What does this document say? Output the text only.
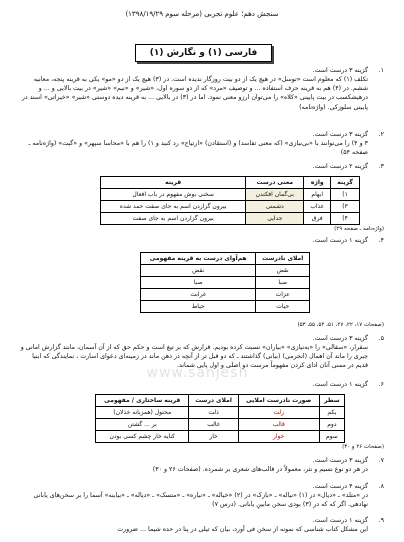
سنجش دهم؛ علوم تجربی (مرحله سوم ۱۳۹۸/۱۹/۲۹)
فارسی (۱) و نگارش (۱)
۱.
گزینه ۳ درست است.
تکلف (۱) که معلوم است «توسل» در هیچ یک از دو بیت روزگار ندیده است. در (۳) هیچ یک از دو «مو» یکی به قرینه پنجه، معانیه ششم. در (۴) هم به قرینه حرف استفاده ... و توصیف «مرد» که از دو سوره اول، «شیر» و «نیم» «شیر» در بیت بالایی و ... و درهیشکسب در بیت پایینی «کلاه» را می‌توان ارزو معنی نمود. اما در (۳) در بالایی ... به قرینه دیده دوستی «شیر» «خیراتی» اسند در پایینی سلوزکی. (واژه‌نامه)
۲.
گزینه ۳ درست است.
۳ و ۴) را می‌توانند با «بی‌نیازی» (که معنی تفاسد) و (استقادن) «ارتیاح» رد کنید و ۱) را هم با «محاسا سپهر» و «گیت» (واژه‌نامه ـ صفحه ۵۴)
۳.
گزینه ۲ درست است.
گزینه	واژه	معنی درست	قرینه
۱)	ابهام	بی‌گمان افکندن	سخنی بوش مفهوم در باب افعال
۳)	عذاب	دشمنی	بیرون گزاردن اسم به جای صفت حمد شده
۴)	فرق	جدایی	بیرون گزاردن اسم به جای صفت
(واژه‌نامه ـ صفحه ۲۹)
۴.
گزینه ۱ درست است.
املای نادرست	هم‌آوای درست به قرینه مفهومی
نقض	نقض
صبا	صبا
عزات	غرابت
حیات	حیاط
(صفحات ۱۷، ۲۲، ۲۷، ۵۱، ۵۴، ۵۵، ۵۳)
۵.
گزینه ۳ درست است.
سقرار، «سفالی» را «به‌نیازی» «بیاران» نسبت کرده بودیم. قرارش که بر تیغ است و حکم حق که از آن آسمان، مانند گزارش امانی و جبری را ماند آن اهمال (انجرمی) (بیانی) گذاشتند ـ که دو قبل تر از آنچه در ذهن ماند در زمینه‌ای دعوای اسارت ، نمایندگی که ابنیا قدیم در ممنی آنان ادای کردن مفهوماً مرست دو اصلی و اول پایی شماند.
www.sanjesh
۶.
گزینه ۱ درست است.
سطر	صورت نادرست املایی	املای درست	قرینه ساختاری / مفهومی
یکم	زلت	ذلت	محتول (همزبانه خذلان)
دوم	قالب	غالب	بر ... گشتن
سوم	خوار	خار	کنایه خار چشم کسی بودن
(صفحات ۲۶ و ۳۰)
۷.
گزینه ۳ درست است.
در هر دو نوع نسیم و نثر، معمولاً در قالب‌های شعری بر شمرده. (صفحات ۲۶ و ۳۰)
۸.
گزینه ۴ درست است.
در «متلد» ـ «دیال» در (۱) «نیاله» ـ «بازک» در (۲) «خیاله» ـ «نیاره» ـ «متسک» ـ «دیاله» ـ «بیابنه» آسما را بر سخن‌های یابانی نهادهی. اگر که که در (۳) بودی سخن مابینِ یابانی. (درس ۷)
۹.
گزینه ۱ درست است.
این مشکل کتاب شناسی که نمونه از سخن فی آورد، بیان که تیلی در پنا در حده شیما ... ضرورت
